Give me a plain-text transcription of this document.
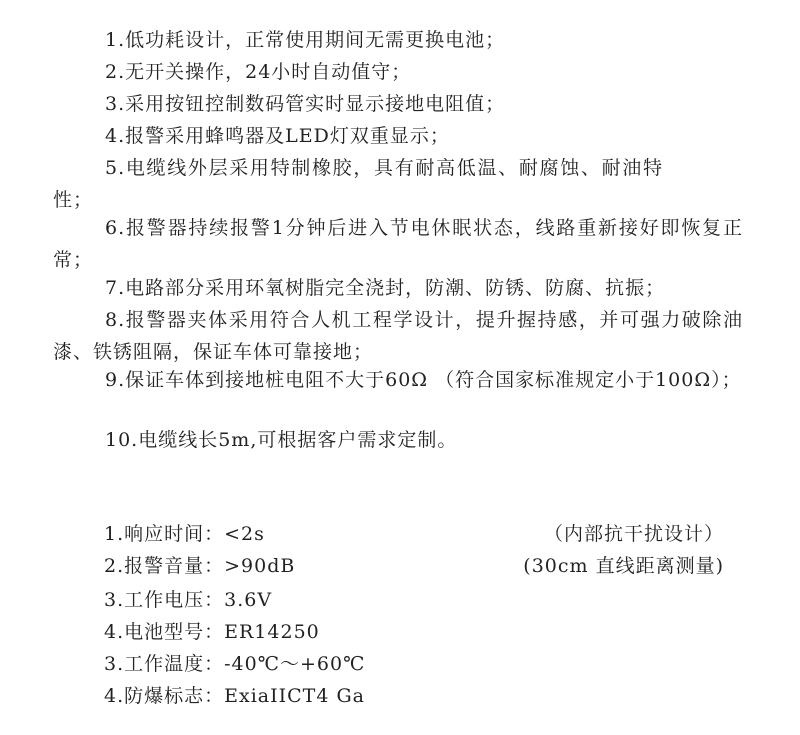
1.低功耗设计，正常使用期间无需更换电池；

2.无开关操作，24小时自动值守；

3.采用按钮控制数码管实时显示接地电阻值；

4.报警采用蜂鸣器及LED灯双重显示；

5.电缆线外层采用特制橡胶，具有耐高低温、耐腐蚀、耐油特性；

6.报警器持续报警1分钟后进入节电休眠状态，线路重新接好即恢复正常；

7.电路部分采用环氧树脂完全浇封，防潮、防锈、防腐、抗振；

8.报警器夹体采用符合人机工程学设计，提升握持感，并可强力破除油漆、铁锈阻隔，保证车体可靠接地；

9.保证车体到接地桩电阻不大于60Ω （符合国家标准规定小于100Ω）；

10.电缆线长5m,可根据客户需求定制。

1.响应时间：<2s	（内部抗干扰设计）
2.报警音量：>90dB	(30cm 直线距离测量)
3.工作电压：3.6V
4.电池型号：ER14250
3.工作温度：-40℃～+60℃
4.防爆标志：ExiaIICT4 Ga
